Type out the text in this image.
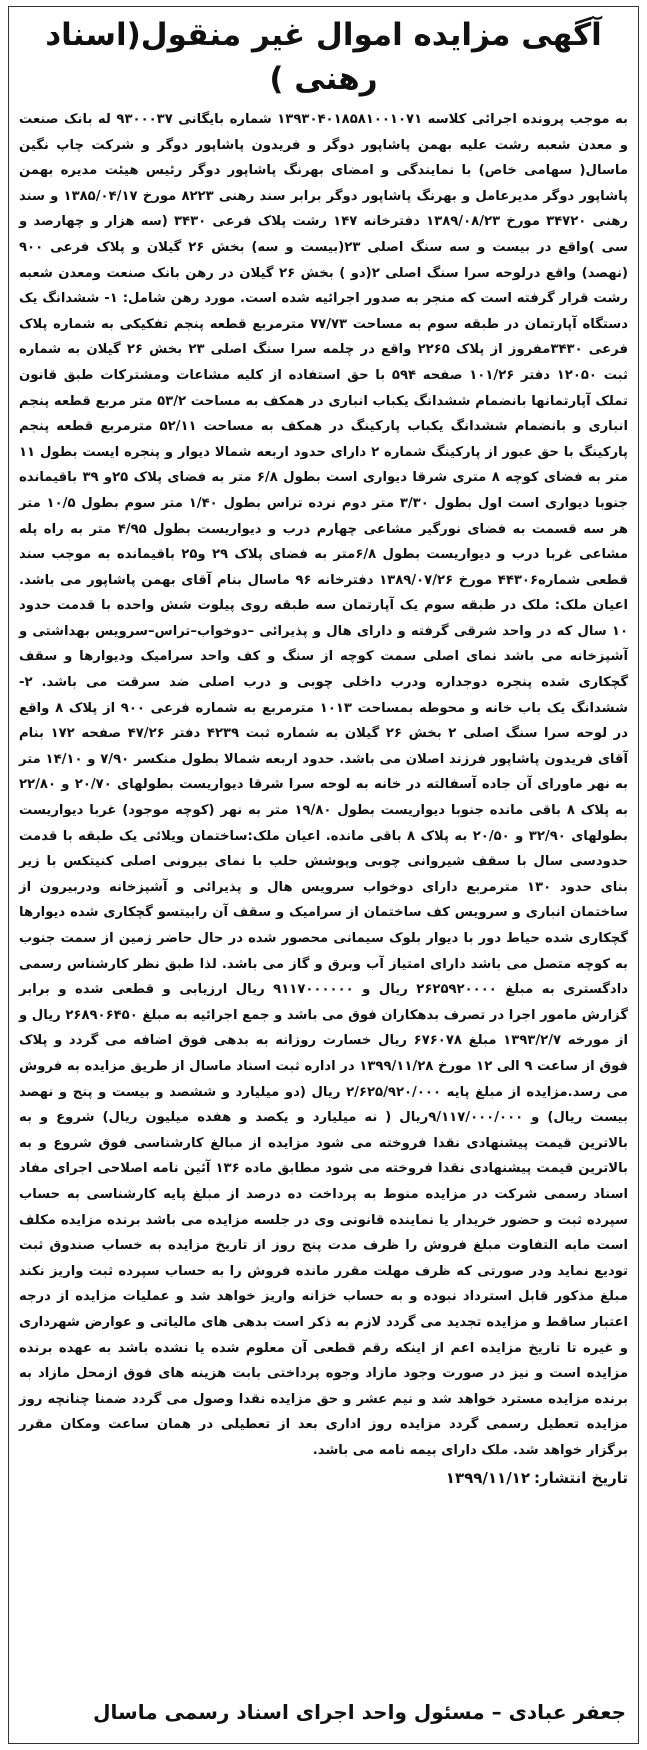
آگهی مزایده اموال غیر منقول(اسناد رهنی )

به موجب پرونده اجرائی کلاسه ۱۳۹۳۰۴۰۱۸۵۸۱۰۰۱۰۷۱ شماره بایگانی ۹۳۰۰۰۳۷ له بانک صنعت و معدن شعبه رشت علیه بهمن پاشاپور دوگر و فریدون پاشاپور دوگر و شرکت چاپ نگین ماسال( سهامی خاص) با نمایندگی و امضای بهرنگ پاشاپور دوگر رئیس هیئت مدیره بهمن پاشاپور دوگر مدیرعامل و بهرنگ پاشاپور دوگر برابر سند رهنی ۸۲۲۳ مورخ ۱۳۸۵/۰۴/۱۷ و سند رهنی ۳۴۷۲۰ مورخ ۱۳۸۹/۰۸/۲۳ دفترخانه ۱۴۷ رشت پلاک فرعی ۳۴۳۰ (سه هزار و چهارصد و سی )واقع در بیست و سه سنگ اصلی ۲۳(بیست و سه) بخش ۲۶ گیلان و پلاک فرعی ۹۰۰ (نهصد) واقع درلوحه سرا سنگ اصلی ۲(دو ) بخش ۲۶ گیلان در رهن بانک صنعت ومعدن شعبه رشت قرار گرفته است که منجر به صدور اجرائیه شده است. مورد رهن شامل: ۱- ششدانگ یک دستگاه آپارتمان در طبقه سوم به مساحت ۷۷/۷۳ مترمربع قطعه پنجم تفکیکی به شماره پلاک فرعی ۳۴۳۰مفروز از پلاک ۲۲۶۵ واقع در چلمه سرا سنگ اصلی ۲۳ بخش ۲۶ گیلان به شماره ثبت ۱۲۰۵۰ دفتر ۱۰۱/۲۶ صفحه ۵۹۴ با حق استفاده از کلیه مشاعات ومشترکات طبق قانون تملک آپارتمانها بانضمام ششدانگ یکباب انباری در همکف به مساحت ۵۳/۲ متر مربع قطعه پنجم انباری و بانضمام ششدانگ یکباب پارکینگ در همکف به مساحت ۵۲/۱۱ مترمربع قطعه پنجم پارکینگ با حق عبور از پارکینگ شماره ۲ دارای حدود اربعه شمالا دیوار و پنجره ایست بطول ۱۱ متر به فضای کوچه ۸ متری شرقا دیواری است بطول ۶/۸ متر به فضای پلاک ۲۵و ۳۹ باقیمانده جنوبا دیواری است اول بطول ۳/۳۰ متر دوم نرده تراس بطول ۱/۴۰ متر سوم بطول ۱۰/۵ متر هر سه قسمت به فضای نورگیر مشاعی چهارم درب و دیواریست بطول ۴/۹۵ متر به راه پله مشاعی غربا درب و دیواریست بطول ۶/۸متر به فضای پلاک ۲۹ و۲۵ باقیمانده به موجب سند قطعی شماره۴۴۳۰۶ مورخ ۱۳۸۹/۰۷/۲۶ دفترخانه ۹۶ ماسال بنام آقای بهمن پاشاپور می باشد. اعیان ملک: ملک در طبقه سوم یک آپارتمان سه طبقه روی پیلوت شش واحده با قدمت حدود ۱۰ سال که در واحد شرقی گرفته و دارای هال و پذیرائی –دوخواب–تراس–سرویس بهداشتی و آشپزخانه می باشد نمای اصلی سمت کوچه از سنگ و کف واحد سرامیک ودیوارها و سقف گچکاری شده پنجره دوجداره ودرب داخلی چوبی و درب اصلی ضد سرقت می باشد. ۲- ششدانگ یک باب خانه و محوطه بمساحت ۱۰۱۳ مترمربع به شماره فرعی ۹۰۰ از پلاک ۸ واقع در لوحه سرا سنگ اصلی ۲ بخش ۲۶ گیلان به شماره ثبت ۴۲۳۹ دفتر ۴۷/۲۶ صفحه ۱۷۲ بنام آقای فریدون پاشاپور فرزند اصلان می باشد. حدود اربعه شمالا بطول منکسر ۷/۹۰ و ۱۴/۱۰ متر به نهر ماورای آن جاده آسفالته در خانه به لوحه سرا شرقا دیواریست بطولهای ۲۰/۷۰ و ۲۲/۸۰ به پلاک ۸ باقی مانده جنوبا دیواریست بطول ۱۹/۸۰ متر به نهر (کوچه موجود) غربا دیواریست بطولهای ۳۲/۹۰ و ۲۰/۵۰ به پلاک ۸ باقی مانده. اعیان ملک:ساختمان ویلائی یک طبقه با قدمت حدودسی سال با سقف شیروانی چوبی وپوشش حلب با نمای بیرونی اصلی کنیتکس با زیر بنای حدود ۱۳۰ مترمربع دارای دوخواب سرویس هال و پذیرائی و آشپزخانه ودربیرون از ساختمان انباری و سرویس کف ساختمان از سرامیک و سقف آن رابیتسو گچکاری شده دیوارها گچکاری شده حیاط دور با دیوار بلوک سیمانی محصور شده در حال حاضر زمین از سمت جنوب به کوچه متصل می باشد دارای امتیاز آب وبرق و گاز می باشد. لذا طبق نظر کارشناس رسمی دادگستری به مبلغ ۲۶۲۵۹۲۰۰۰۰ ریال و ۹۱۱۷۰۰۰۰۰۰ ریال ارزیابی و قطعی شده و برابر گزارش مامور اجرا در تصرف بدهکاران فوق می باشد و جمع اجرائیه به مبلغ ۲۶۸۹۰۶۴۵۰ ریال و از مورخه ۱۳۹۳/۲/۷ مبلغ ۶۷۶۰۷۸ ریال خسارت روزانه به بدهی فوق اضافه می گردد و پلاک فوق از ساعت ۹ الی ۱۲ مورخ ۱۳۹۹/۱۱/۲۸ در اداره ثبت اسناد ماسال از طریق مزایده به فروش می رسد.مزایده از مبلغ پایه ۲/۶۲۵/۹۲۰/۰۰۰ ریال (دو میلیارد و ششصد و بیست و پنج و نهصد بیست ریال) و ۹/۱۱۷/۰۰۰/۰۰۰ریال ( نه میلیارد و یکصد و هفده میلیون ریال) شروع و به بالاترین قیمت پیشنهادی نقدا فروخته می شود مزایده از مبالغ کارشناسی فوق شروع و به بالاترین قیمت پیشنهادی نقدا فروخته می شود مطابق ماده ۱۳۶ آئین نامه اصلاحی اجرای مفاد اسناد رسمی شرکت در مزایده منوط به پرداخت ده درصد از مبلغ پایه کارشناسی به حساب سپرده ثبت و حضور خریدار یا نماینده قانونی وی در جلسه مزایده می باشد برنده مزایده مکلف است مابه التفاوت مبلغ فروش را ظرف مدت پنج روز از تاریخ مزایده به خساب صندوق ثبت تودیع نماید ودر صورتی که ظرف مهلت مقرر مانده فروش را به حساب سپرده ثبت واریز نکند مبلغ مذکور قابل استرداد نبوده و به حساب خزانه واریز خواهد شد و عملیات مزایده از درجه اعتبار ساقط و مزایده تجدید می گردد لازم به ذکر است بدهی های مالیاتی و عوارض شهرداری و غیره تا تاریخ مزایده اعم از اینکه رقم قطعی آن معلوم شده یا نشده باشد به عهده برنده مزایده است و نیز در صورت وجود مازاد وجوه پرداختی بابت هزینه های فوق ازمحل مازاد به برنده مزایده مسترد خواهد شد و نیم عشر و حق مزایده نقدا وصول می گردد ضمنا چنانچه روز مزایده تعطیل رسمی گردد مزایده روز اداری بعد از تعطیلی در همان ساعت ومکان مقرر برگزار خواهد شد. ملک دارای بیمه نامه می باشد.

تاریخ انتشار:۱۳۹۹/۱۱/۱۲
جعفر عبادی – مسئول واحد اجرای اسناد رسمی ماسال
